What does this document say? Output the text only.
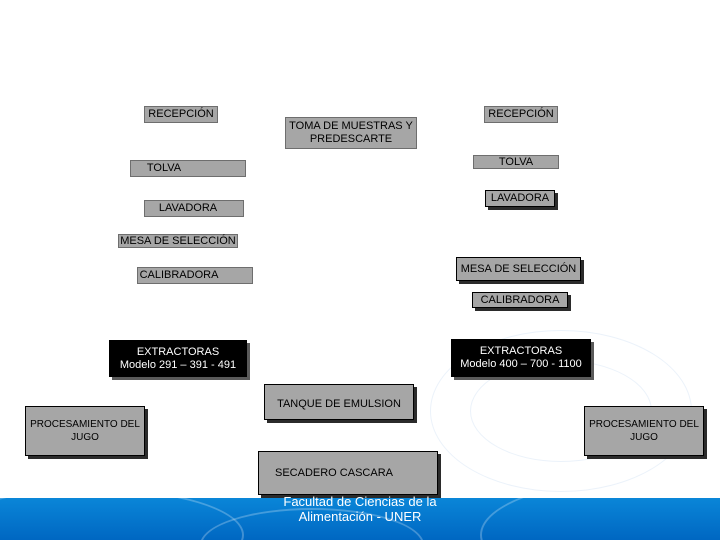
RECEPCIÓN
TOLVA
LAVADORA
MESA DE SELECCIÓN
CALIBRADORA
EXTRACTORAS
Modelo 291 – 391 - 491
PROCESAMIENTO DEL
JUGO
TOMA DE MUESTRAS Y
PREDESCARTE
TANQUE DE EMULSION
SECADERO CASCARA
RECEPCIÓN
TOLVA
LAVADORA
MESA DE SELECCIÓN
CALIBRADORA
EXTRACTORAS
Modelo 400 – 700 - 1100
PROCESAMIENTO DEL
JUGO
Facultad de Ciencias de la
Alimentación - UNER
